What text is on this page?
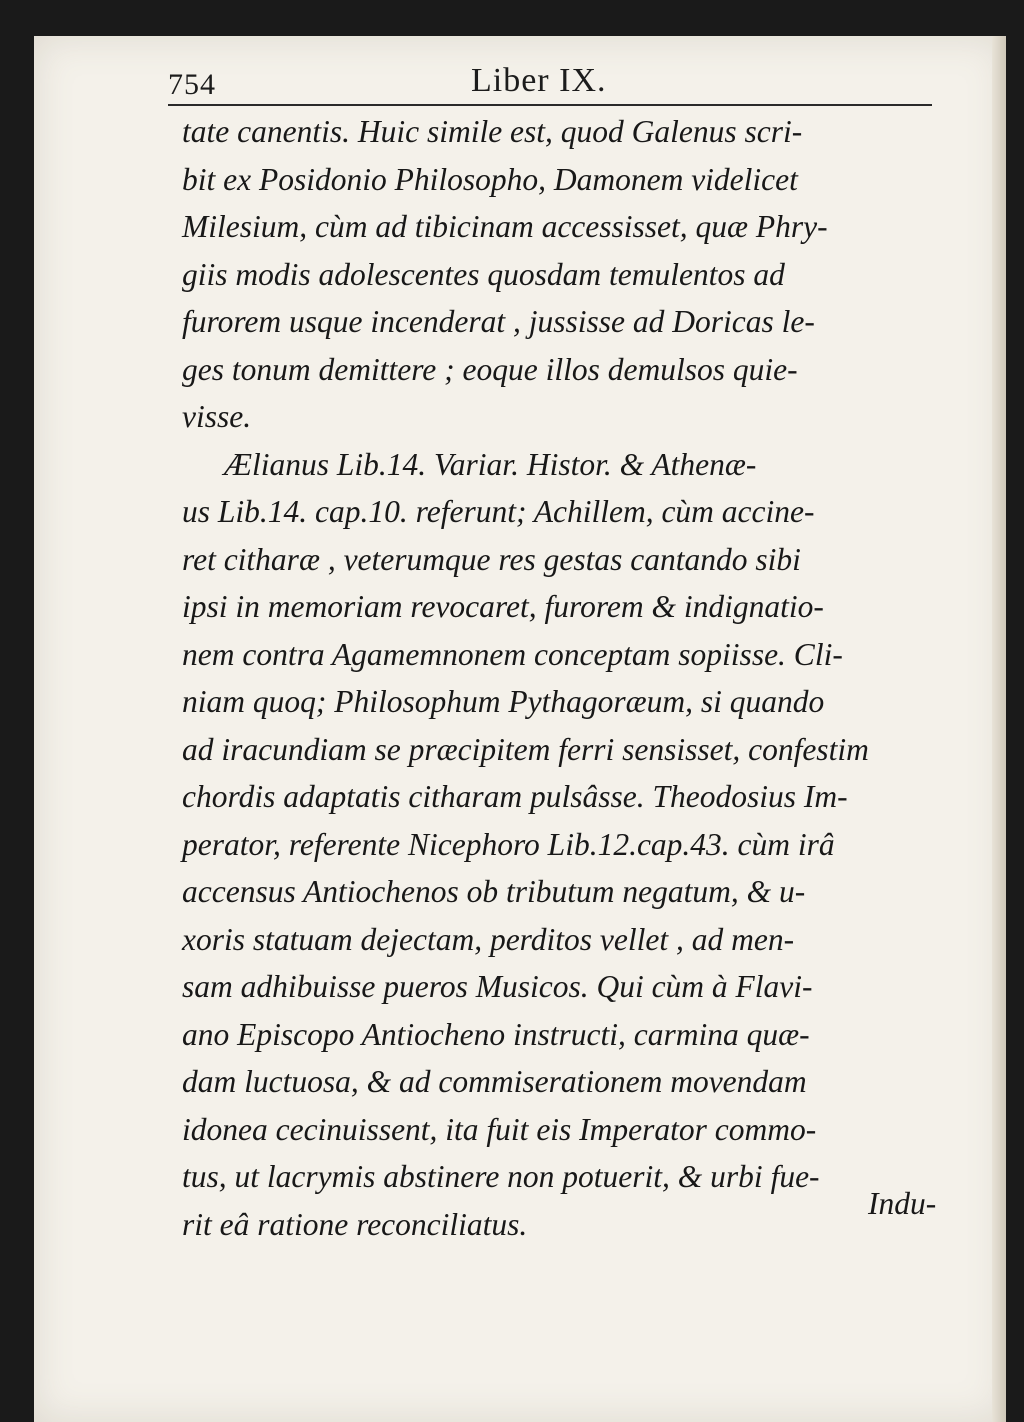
754	Liber IX.
tate canentis. Huic simile est, quod Galenus scri-
bit ex Posidonio Philosopho, Damonem videlicet
Milesium, cùm ad tibicinam accessisset, quæ Phry-
giis modis adolescentes quosdam temulentos ad
furorem usque incenderat , jussisse ad Doricas le-
ges tonum demittere ; eoque illos demulsos quie-
visse.
Ælianus Lib.14. Variar. Histor. & Athenæ-
us Lib.14. cap.10. referunt; Achillem, cùm accine-
ret citharæ , veterumque res gestas cantando sibi
ipsi in memoriam revocaret, furorem & indignatio-
nem contra Agamemnonem conceptam sopiisse. Cli-
niam quoq; Philosophum Pythagoræum, si quando
ad iracundiam se præcipitem ferri sensisset, confestim
chordis adaptatis citharam pulsâsse. Theodosius Im-
perator, referente Nicephoro Lib.12.cap.43. cùm irâ
accensus Antiochenos ob tributum negatum, & u-
xoris statuam dejectam, perditos vellet , ad men-
sam adhibuisse pueros Musicos. Qui cùm à Flavi-
ano Episcopo Antiocheno instructi, carmina quæ-
dam luctuosa, & ad commiserationem movendam
idonea cecinuissent, ita fuit eis Imperator commo-
tus, ut lacrymis abstinere non potuerit, & urbi fue-
rit eâ ratione reconciliatus.
Indu-
